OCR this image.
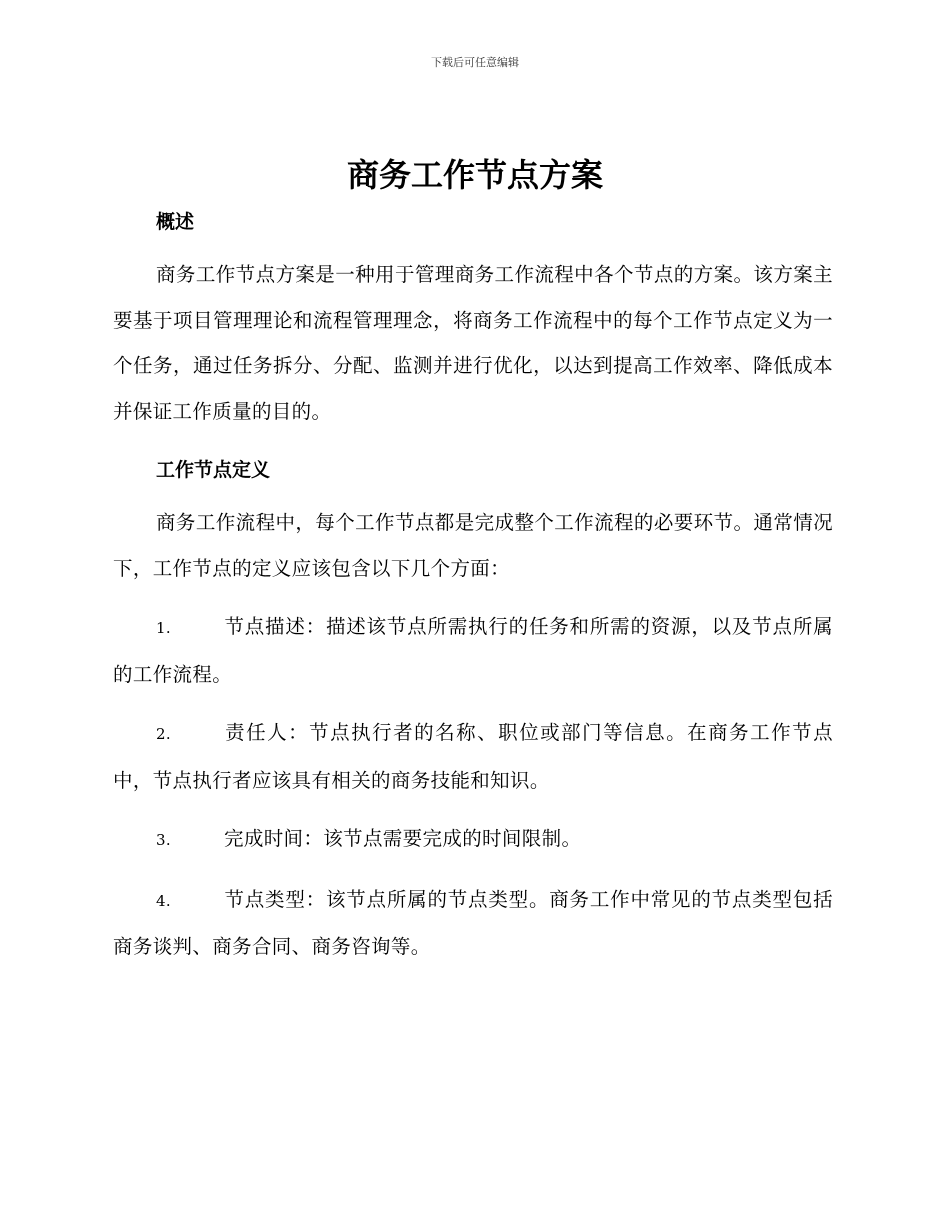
下载后可任意编辑
商务工作节点方案

概述

商务工作节点方案是一种用于管理商务工作流程中各个节点的方案。该方案主要基于项目管理理论和流程管理理念，将商务工作流程中的每个工作节点定义为一个任务，通过任务拆分、分配、监测并进行优化，以达到提高工作效率、降低成本并保证工作质量的目的。

工作节点定义

商务工作流程中，每个工作节点都是完成整个工作流程的必要环节。通常情况下，工作节点的定义应该包含以下几个方面：

1.	节点描述：描述该节点所需执行的任务和所需的资源，以及节点所属的工作流程。

2.	责任人：节点执行者的名称、职位或部门等信息。在商务工作节点中，节点执行者应该具有相关的商务技能和知识。

3.	完成时间：该节点需要完成的时间限制。

4.	节点类型：该节点所属的节点类型。商务工作中常见的节点类型包括商务谈判、商务合同、商务咨询等。
